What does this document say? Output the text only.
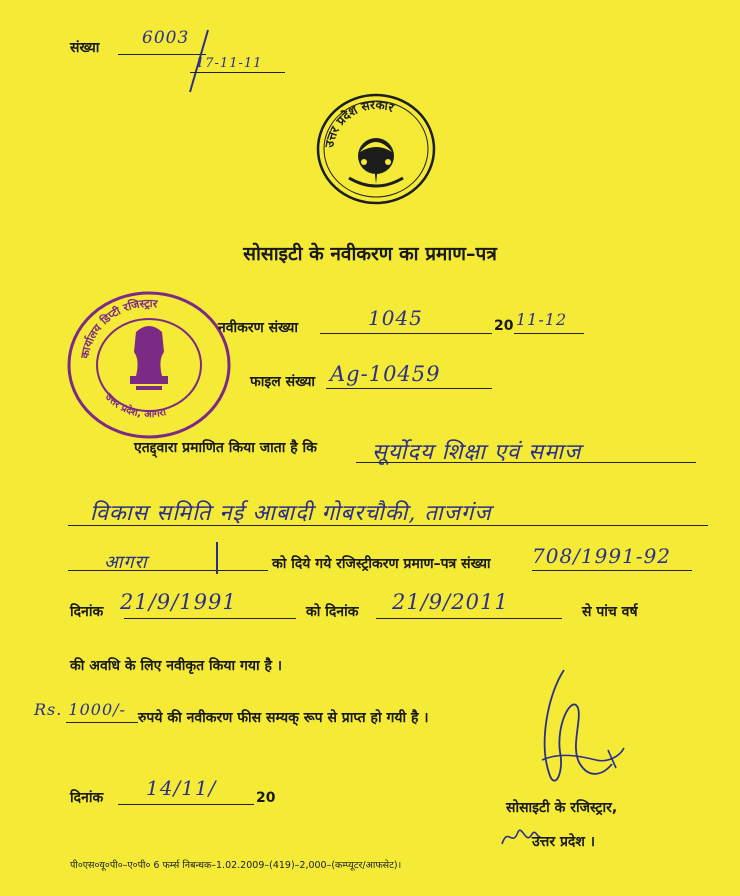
संख्या	6003
17-11-11
उत्तर प्रदेश सरकार
सोसाइटी के नवीकरण का प्रमाण–पत्र
कार्यालय डिप्टी रजिस्ट्रार
उत्तर प्रदेश, आगरा
नवीकरण संख्या	1045	20 11-12
फाइल संख्या Ag-10459
एतद्द्वारा प्रमाणित किया जाता है कि	सूर्योदय शिक्षा एवं समाज
विकास समिति नई आबादी गोबरचौकी, ताजगंज
आगरा	को दिये गये रजिस्ट्रीकरण प्रमाण–पत्र संख्या 708/1991-92
दिनांक 21/9/1991	को दिनांक 21/9/2011	से पांच वर्ष
की अवधि के लिए नवीकृत किया गया है ।
Rs. 1000/- रुपये की नवीकरण फीस सम्यक् रूप से प्राप्त हो गयी है ।
दिनांक 14/11/	20
सोसाइटी के रजिस्ट्रार,
उत्तर प्रदेश ।
पी०एस०यू०पी०–ए०पी० 6 फर्म्स निबन्धक–1.02.2009–(419)–2,000–(कम्प्यूटर/आफसेट)।
